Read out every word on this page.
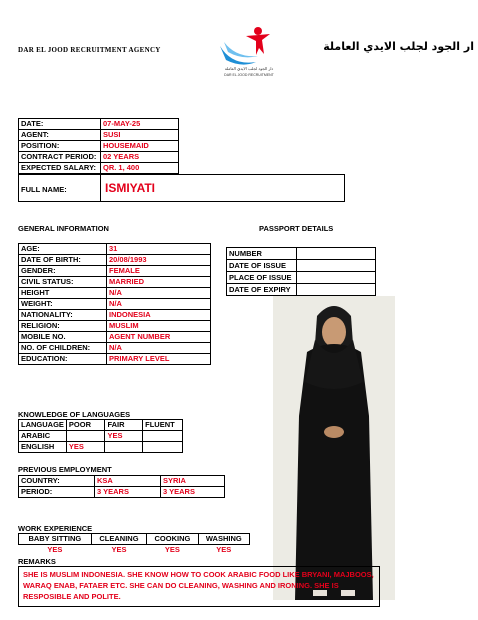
DAR EL JOOD RECRUITMENT AGENCY
دار الجود لجلب الايدي العاملة
DAR EL JOOD RECRUITMENT
ار الجود لجلب الايدي العاملة
DATE:	07-MAY-25
AGENT:	SUSI
POSITION:	HOUSEMAID
CONTRACT PERIOD:	02 YEARS
EXPECTED SALARY:	QR. 1, 400
FULL NAME:	ISMIYATI
GENERAL INFORMATION
AGE:	31
DATE OF BIRTH:	20/08/1993
GENDER:	FEMALE
CIVIL STATUS:	MARRIED
HEIGHT	N/A
WEIGHT:	N/A
NATIONALITY:	INDONESIA
RELIGION:	MUSLIM
MOBILE NO.	AGENT NUMBER
NO. OF CHILDREN:	N/A
EDUCATION:	PRIMARY LEVEL
PASSPORT DETAILS
NUMBER	
DATE OF ISSUE	
PLACE OF ISSUE	
DATE OF EXPIRY	
KNOWLEDGE OF LANGUAGES
LANGUAGE	POOR	FAIR	FLUENT
ARABIC		YES	
ENGLISH	YES		
PREVIOUS EMPLOYMENT
COUNTRY:	KSA	SYRIA
PERIOD:	3 YEARS	3 YEARS
WORK EXPERIENCE
BABY SITTING	CLEANING	COOKING	WASHING
YES	YES	YES	YES
REMARKS
SHE IS MUSLIM INDONESIA. SHE KNOW HOW TO COOK ARABIC FOOD LIKE BRYANI, MAJBOOS, WARAQ ENAB, FATAER ETC. SHE CAN DO CLEANING, WASHING AND IRONING. SHE IS RESPOSIBLE AND POLITE.
